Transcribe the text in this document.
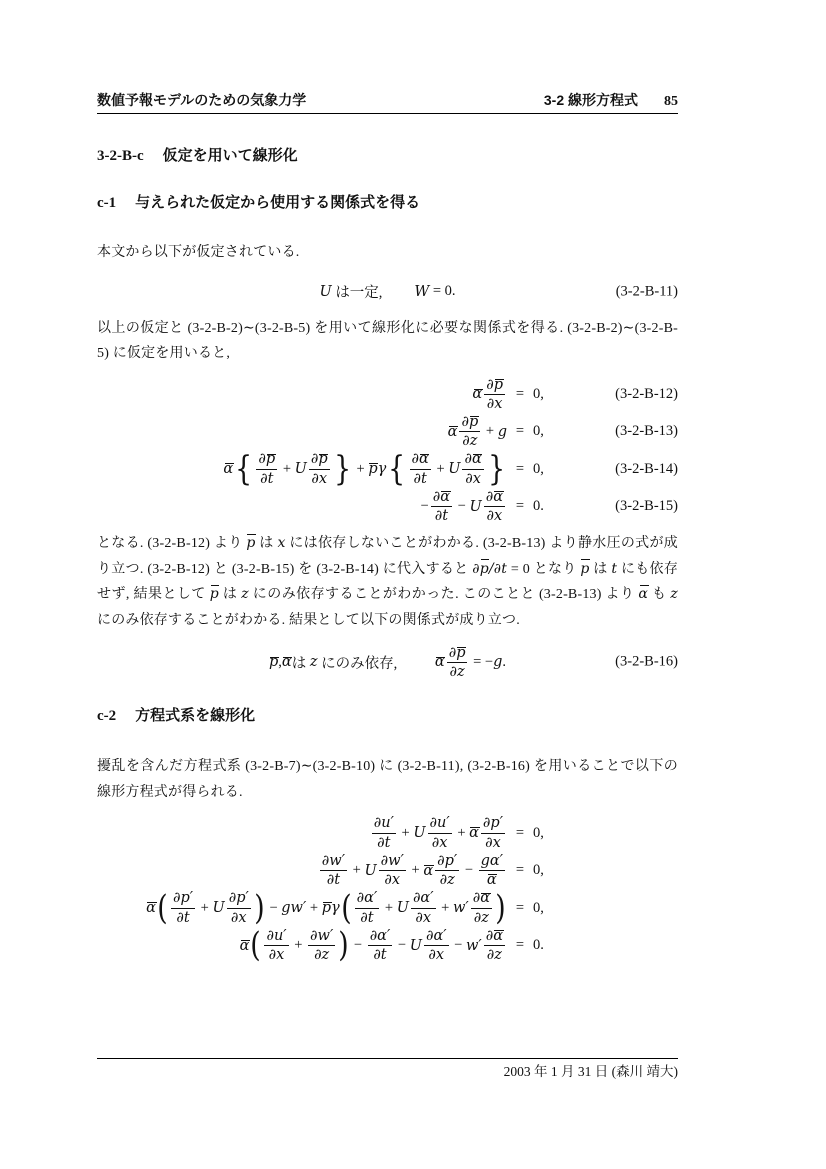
数値予報モデルのための気象力学	3-2 線形方程式 85
3-2-B-c 仮定を用いて線形化
c-1 与えられた仮定から使用する関係式を得る
本文から以下が仮定されている.
U は一定, W = 0.	(3-2-B-11)
以上の仮定と (3-2-B-2)∼(3-2-B-5) を用いて線形化に必要な関係式を得る. (3-2-B-2)∼(3-2-B-5) に仮定を用いると,
α $\frac{\partial p}{\partial x} = 0$,	(3-2-B-12)
α $\frac{\partial p}{\partial z} + g = 0$,	(3-2-B-13)
α { $\frac{\partial p}{\partial t} + U \frac{\partial p}{\partial x}$ } + p γ { $\frac{\partial\alpha}{\partial t} + U \frac{\partial\alpha}{\partial x}$ } = 0,	(3-2-B-14)
− $\frac{\partial\alpha}{\partial t} - U \frac{\partial\alpha}{\partial x} = 0$.	(3-2-B-15)
となる. (3-2-B-12) より p は x には依存しないことがわかる. (3-2-B-13) より静水圧の式が成り立つ. (3-2-B-12) と (3-2-B-15) を (3-2-B-14) に代入すると ∂p/∂t = 0 となり p は t にも依存せず, 結果として p は z にのみ依存することがわかった. このことと (3-2-B-13) より α も z にのみ依存することがわかる. 結果として以下の関係式が成り立つ.
p , α は z にのみ依存,	α $\frac{\partial p}{\partial z}$ = − g .	(3-2-B-16)
c-2 方程式系を線形化
擾乱を含んだ方程式系 (3-2-B-7)∼(3-2-B-10) に (3-2-B-11), (3-2-B-16) を用いることで以下の線形方程式が得られる.
$\frac{\partial u'}{\partial t} + U \frac{\partial u'}{\partial x} + \alpha \frac{\partial p'}{\partial x} = 0$,
$\frac{\partial w'}{\partial t} + U \frac{\partial w'}{\partial x} + \alpha \frac{\partial p'}{\partial z} - \frac{g\alpha'}{\alpha} = 0$,
α ( $\frac{\partial p'}{\partial t} + U \frac{\partial p'}{\partial x}$ ) − gw′ + p γ ( $\frac{\partial\alpha'}{\partial t} + U \frac{\partial\alpha'}{\partial x} + w' \frac{\partial\alpha}{\partial z}$ ) = 0,
α ( $\frac{\partial u'}{\partial x} + \frac{\partial w'}{\partial z}$ ) − $\frac{\partial\alpha'}{\partial t} - U \frac{\partial\alpha'}{\partial x} - w' \frac{\partial\alpha}{\partial z} = 0$.
2003 年 1 月 31 日 (森川 靖大)
